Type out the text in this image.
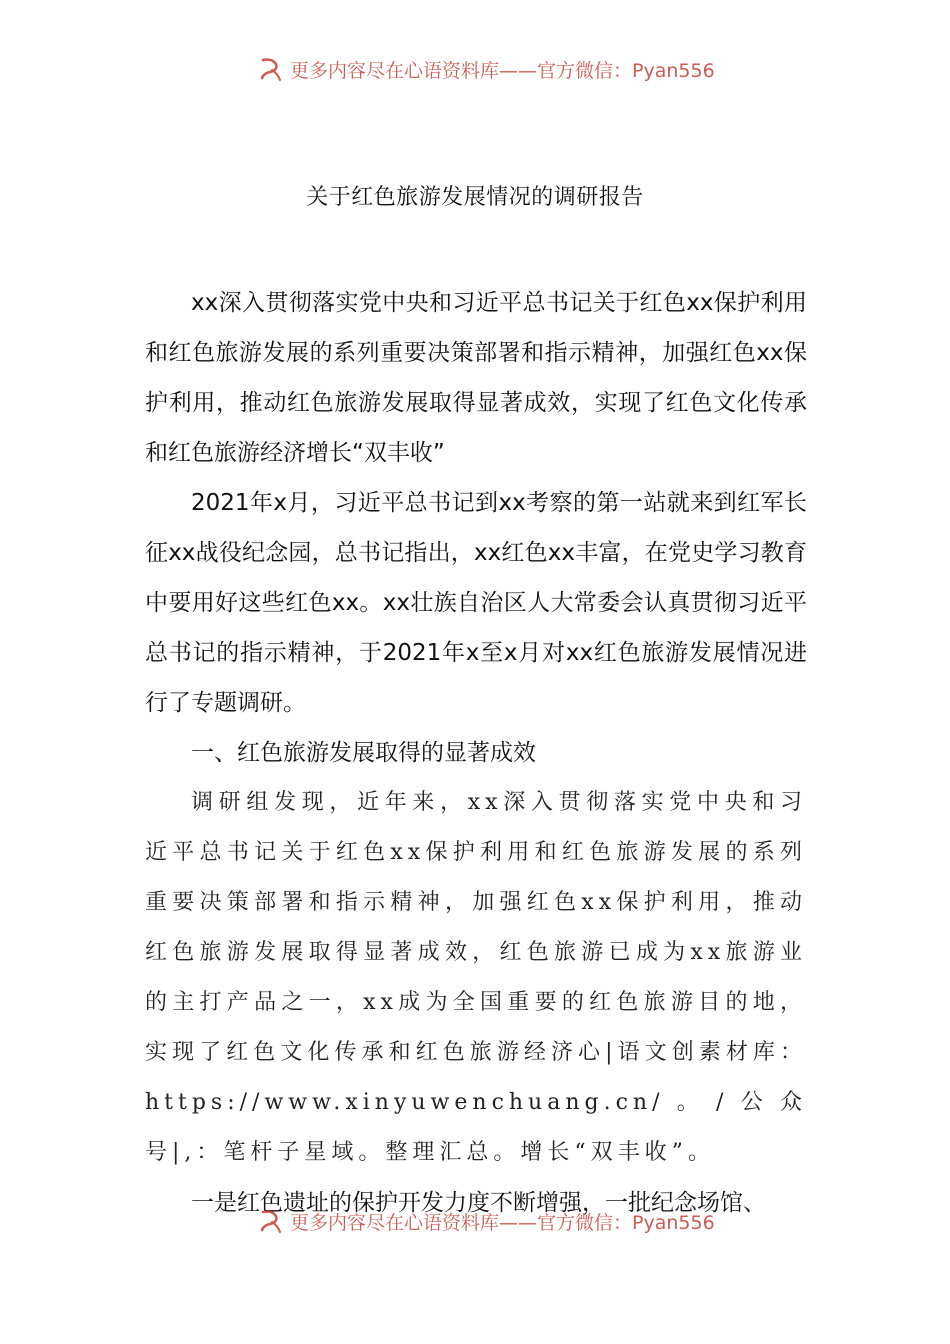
更多内容尽在心语资料库——官方微信：Pyan556
关于红色旅游发展情况的调研报告

xx深入贯彻落实党中央和习近平总书记关于红色xx保护利用和红色旅游发展的系列重要决策部署和指示精神，加强红色xx保护利用，推动红色旅游发展取得显著成效，实现了红色文化传承和红色旅游经济增长“双丰收”

2021年x月，习近平总书记到xx考察的第一站就来到红军长征xx战役纪念园，总书记指出，xx红色xx丰富，在党史学习教育中要用好这些红色xx。xx壮族自治区人大常委会认真贯彻习近平总书记的指示精神，于2021年x至x月对xx红色旅游发展情况进行了专题调研。

一、红色旅游发展取得的显著成效

调研组发现，近年来，xx深入贯彻落实党中央和习近平总书记关于红色xx保护利用和红色旅游发展的系列重要决策部署和指示精神，加强红色xx保护利用，推动红色旅游发展取得显著成效，红色旅游已成为xx旅游业的主打产品之一，xx成为全国重要的红色旅游目的地，实现了红色文化传承和红色旅游经济心|语文创素材库：https://www.xinyuwenchuang.cn/。/公众号|,：笔杆子星域。整理汇总。增长“双丰收”。

一是红色遗址的保护开发力度不断增强，一批纪念场馆、

更多内容尽在心语资料库——官方微信：Pyan556
